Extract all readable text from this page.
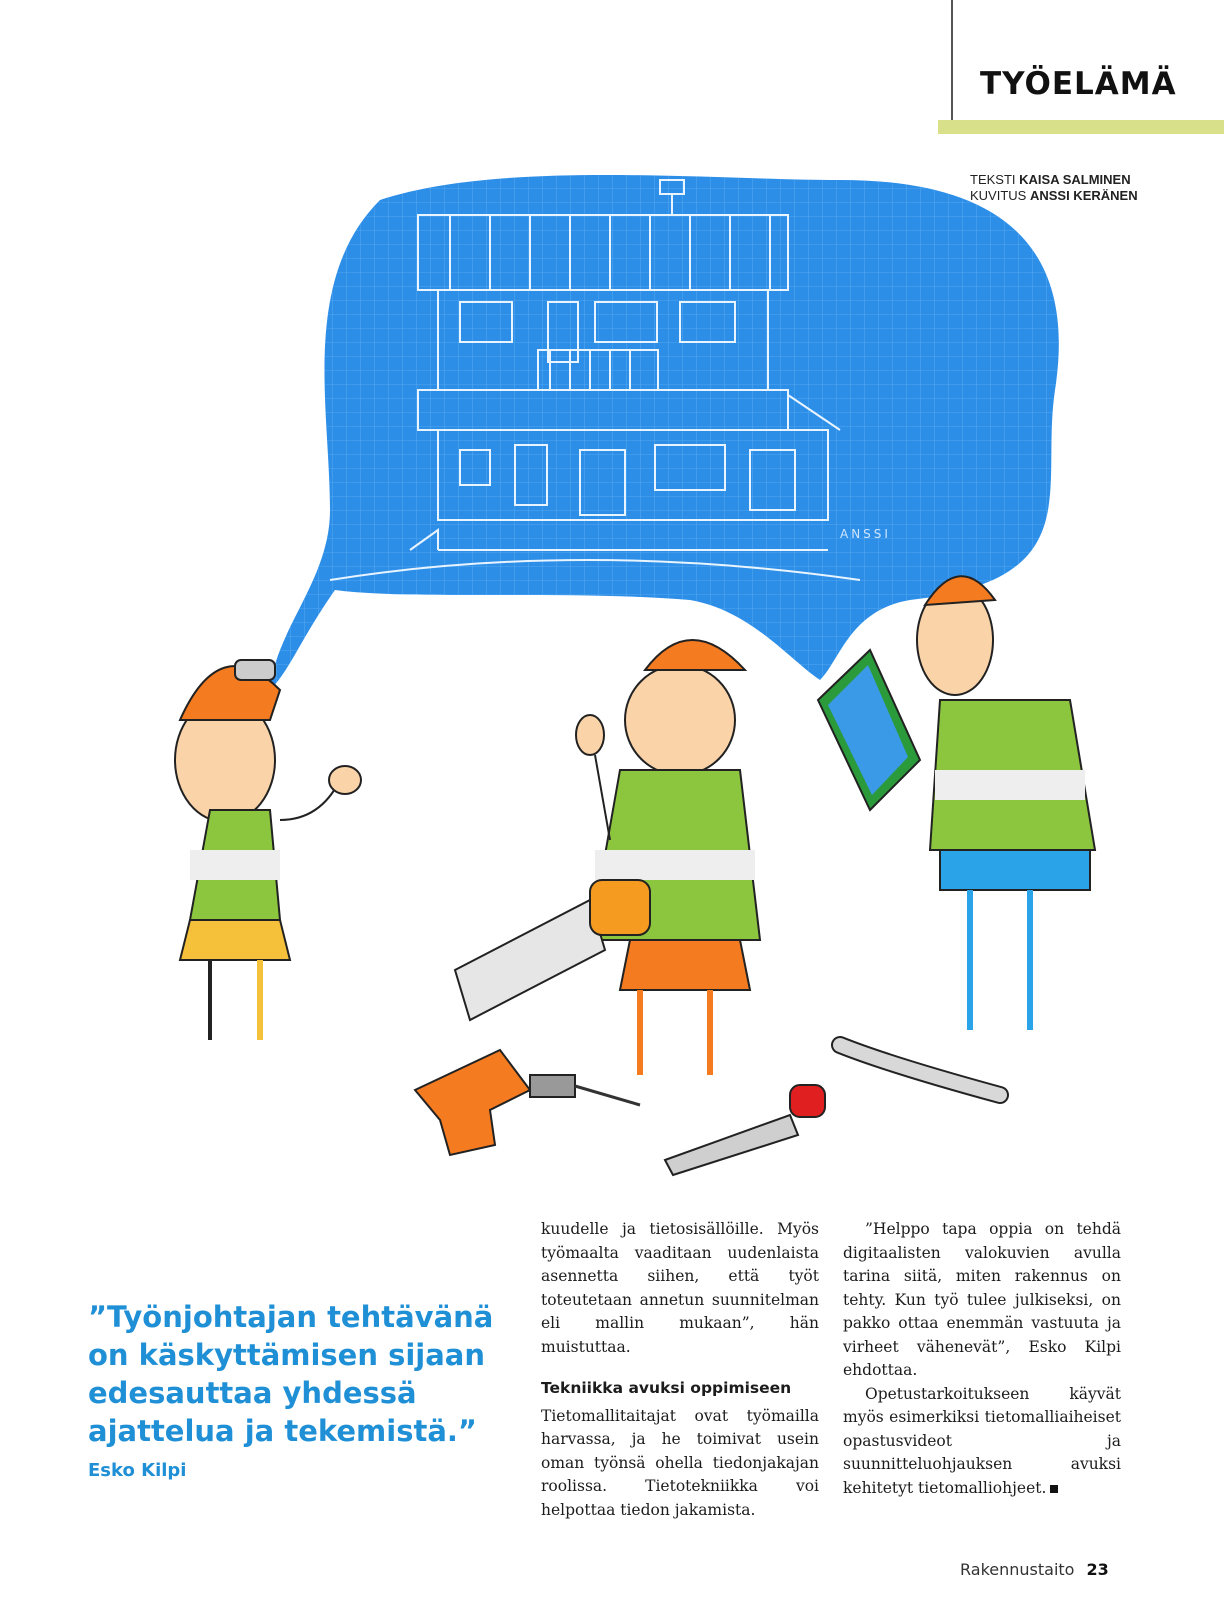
TYÖELÄMÄ
TEKSTI KAISA SALMINEN
KUVITUS ANSSI KERÄNEN
ANSSI
”Työnjohtajan tehtävänä on käskyttämisen sijaan edesauttaa yhdessä ajattelua ja tekemistä.”
Esko Kilpi

kuudelle ja tietosisällöille. Myös työmaalta vaaditaan uudenlaista asennetta siihen, että työt toteutetaan annetun suunnitelman eli mallin mukaan”, hän muistuttaa.

Tekniikka avuksi oppimiseen

Tietomallitaitajat ovat työmailla harvassa, ja he toimivat usein oman työnsä ohella tiedonjakajan roolissa. Tietotekniikka voi helpottaa tiedon jakamista.

”Helppo tapa oppia on tehdä digitaalisten valokuvien avulla tarina siitä, miten rakennus on tehty. Kun työ tulee julkiseksi, on pakko ottaa enemmän vastuuta ja virheet vähenevät”, Esko Kilpi ehdottaa.

Opetustarkoitukseen käyvät myös esimerkiksi tietomalliaiheiset opastusvideot ja suunnitteluohjauksen avuksi kehitetyt tietomalliohjeet.

Rakennustaito 23
